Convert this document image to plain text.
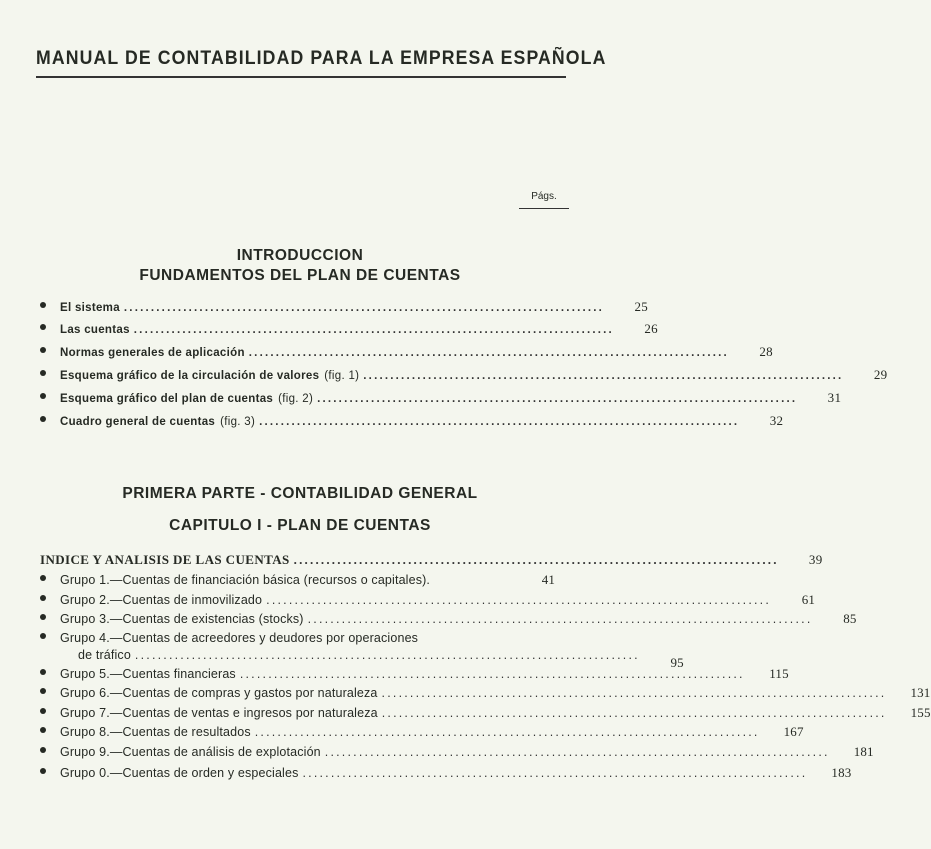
MANUAL DE CONTABILIDAD PARA LA EMPRESA ESPAÑOLA
Págs.
INTRODUCCION
FUNDAMENTOS DEL PLAN DE CUENTAS
El sistema .........................................................................................	25
Las cuentas .........................................................................................	26
Normas generales de aplicación .........................................................................................	28
Esquema gráfico de la circulación de valores (fig. 1) .........................................................................................	29
Esquema gráfico del plan de cuentas (fig. 2) .........................................................................................	31
Cuadro general de cuentas (fig. 3) .........................................................................................	32
PRIMERA PARTE - CONTABILIDAD GENERAL
CAPITULO I - PLAN DE CUENTAS
INDICE Y ANALISIS DE LAS CUENTAS .........................................................................................	39
Grupo 1.—Cuentas de financiación básica (recursos o capitales).	41
Grupo 2.—Cuentas de inmovilizado .........................................................................................	61
Grupo 3.—Cuentas de existencias (stocks) .........................................................................................	85
Grupo 4.—Cuentas de acreedores y deudores por operaciones
de tráfico .........................................................................................	95
Grupo 5.—Cuentas financieras .........................................................................................	115
Grupo 6.—Cuentas de compras y gastos por naturaleza .........................................................................................	131
Grupo 7.—Cuentas de ventas e ingresos por naturaleza .........................................................................................	155
Grupo 8.—Cuentas de resultados .........................................................................................	167
Grupo 9.—Cuentas de análisis de explotación .........................................................................................	181
Grupo 0.—Cuentas de orden y especiales .........................................................................................	183
